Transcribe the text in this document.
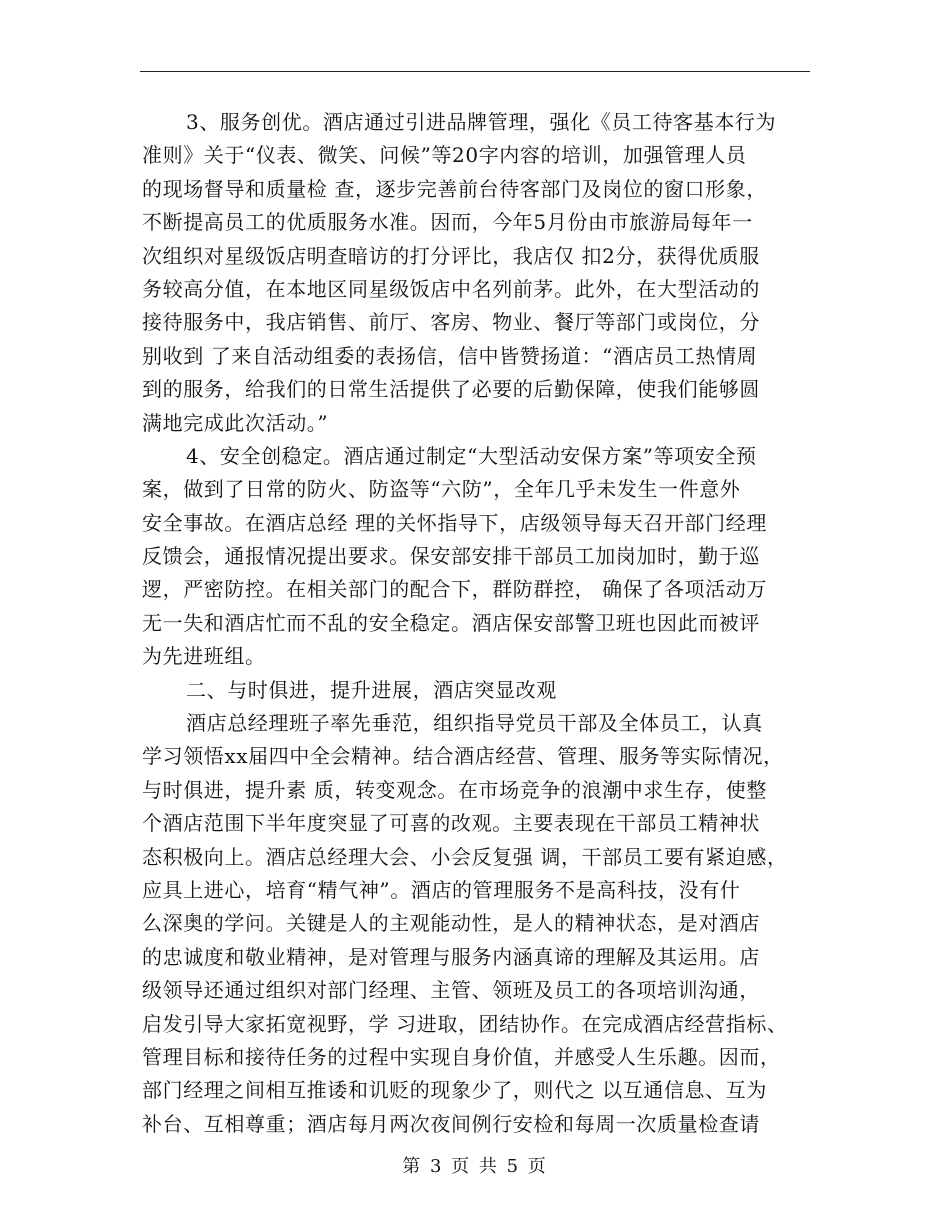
3、服务创优。酒店通过引进品牌管理，强化《员工待客基本行为
准则》关于“仪表、微笑、问候”等20字内容的培训，加强管理人员
的现场督导和质量检 查，逐步完善前台待客部门及岗位的窗口形象，
不断提高员工的优质服务水准。因而，今年5月份由市旅游局每年一
次组织对星级饭店明查暗访的打分评比，我店仅 扣2分，获得优质服
务较高分值，在本地区同星级饭店中名列前茅。此外，在大型活动的
接待服务中，我店销售、前厅、客房、物业、餐厅等部门或岗位，分
别收到 了来自活动组委的表扬信，信中皆赞扬道：“酒店员工热情周
到的服务，给我们的日常生活提供了必要的后勤保障，使我们能够圆
满地完成此次活动。”
4、安全创稳定。酒店通过制定“大型活动安保方案”等项安全预
案，做到了日常的防火、防盗等“六防”，全年几乎未发生一件意外
安全事故。在酒店总经 理的关怀指导下，店级领导每天召开部门经理
反馈会，通报情况提出要求。保安部安排干部员工加岗加时，勤于巡
逻，严密防控。在相关部门的配合下，群防群控， 确保了各项活动万
无一失和酒店忙而不乱的安全稳定。酒店保安部警卫班也因此而被评
为先进班组。
二、与时俱进，提升进展，酒店突显改观
酒店总经理班子率先垂范，组织指导党员干部及全体员工，认真
学习领悟xx届四中全会精神。结合酒店经营、管理、服务等实际情况，
与时俱进，提升素 质，转变观念。在市场竞争的浪潮中求生存，使整
个酒店范围下半年度突显了可喜的改观。主要表现在干部员工精神状
态积极向上。酒店总经理大会、小会反复强 调，干部员工要有紧迫感，
应具上进心，培育“精气神”。酒店的管理服务不是高科技，没有什
么深奥的学问。关键是人的主观能动性，是人的精神状态，是对酒店
的忠诚度和敬业精神，是对管理与服务内涵真谛的理解及其运用。店
级领导还通过组织对部门经理、主管、领班及员工的各项培训沟通，
启发引导大家拓宽视野，学 习进取，团结协作。在完成酒店经营指标、
管理目标和接待任务的过程中实现自身价值，并感受人生乐趣。因而，
部门经理之间相互推诿和讥贬的现象少了，则代之 以互通信息、互为
补台、互相尊重；酒店每月两次夜间例行安检和每周一次质量检查请
第 3 页 共 5 页
